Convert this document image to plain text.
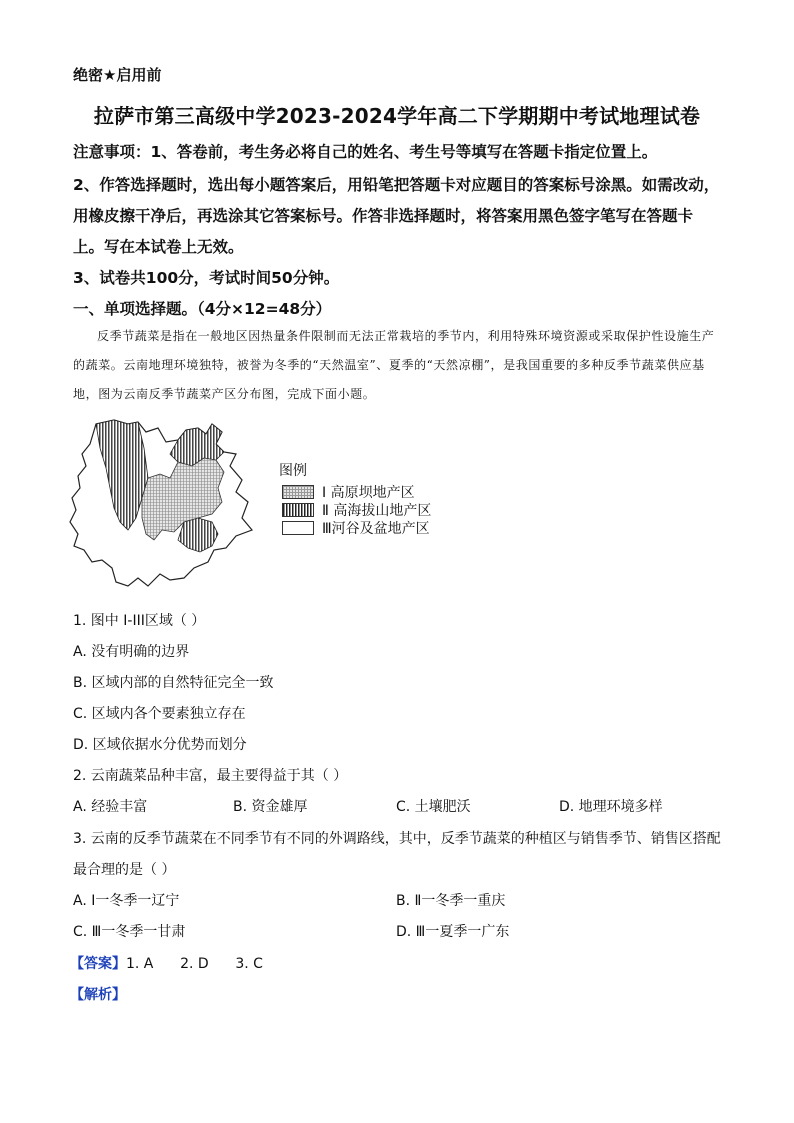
绝密★启用前
拉萨市第三高级中学2023-2024学年高二下学期期中考试地理试卷
注意事项：1、答卷前，考生务必将自己的姓名、考生号等填写在答题卡指定位置上。
2、作答选择题时，选出每小题答案后，用铅笔把答题卡对应题目的答案标号涂黑。如需改动，
用橡皮擦干净后，再选涂其它答案标号。作答非选择题时，将答案用黑色签字笔写在答题卡
上。写在本试卷上无效。
3、试卷共100分，考试时间50分钟。
一、单项选择题。（4分×12=48分）
反季节蔬菜是指在一般地区因热量条件限制而无法正常栽培的季节内，利用特殊环境资源或采取保护性设施生产的蔬菜。云南地理环境独特，被誉为冬季的“天然温室”、夏季的“天然凉棚”，是我国重要的多种反季节蔬菜供应基地，图为云南反季节蔬菜产区分布图，完成下面小题。
图例
Ⅰ 高原坝地产区
Ⅱ 高海拔山地产区
Ⅲ河谷及盆地产区
1. 图中 I-III区域（ ）
A. 没有明确的边界
B. 区域内部的自然特征完全一致
C. 区域内各个要素独立存在
D. 区域依据水分优势而划分
2. 云南蔬菜品种丰富，最主要得益于其（ ）
A. 经验丰富	B. 资金雄厚	C. 土壤肥沃	D. 地理环境多样
3. 云南的反季节蔬菜在不同季节有不同的外调路线，其中，反季节蔬菜的种植区与销售季节、销售区搭配
最合理的是（ ）
A. Ⅰ一冬季一辽宁	B. Ⅱ一冬季一重庆
C. Ⅲ一冬季一甘肃	D. Ⅲ一夏季一广东
【答案】1. A      2. D      3. C
【解析】
